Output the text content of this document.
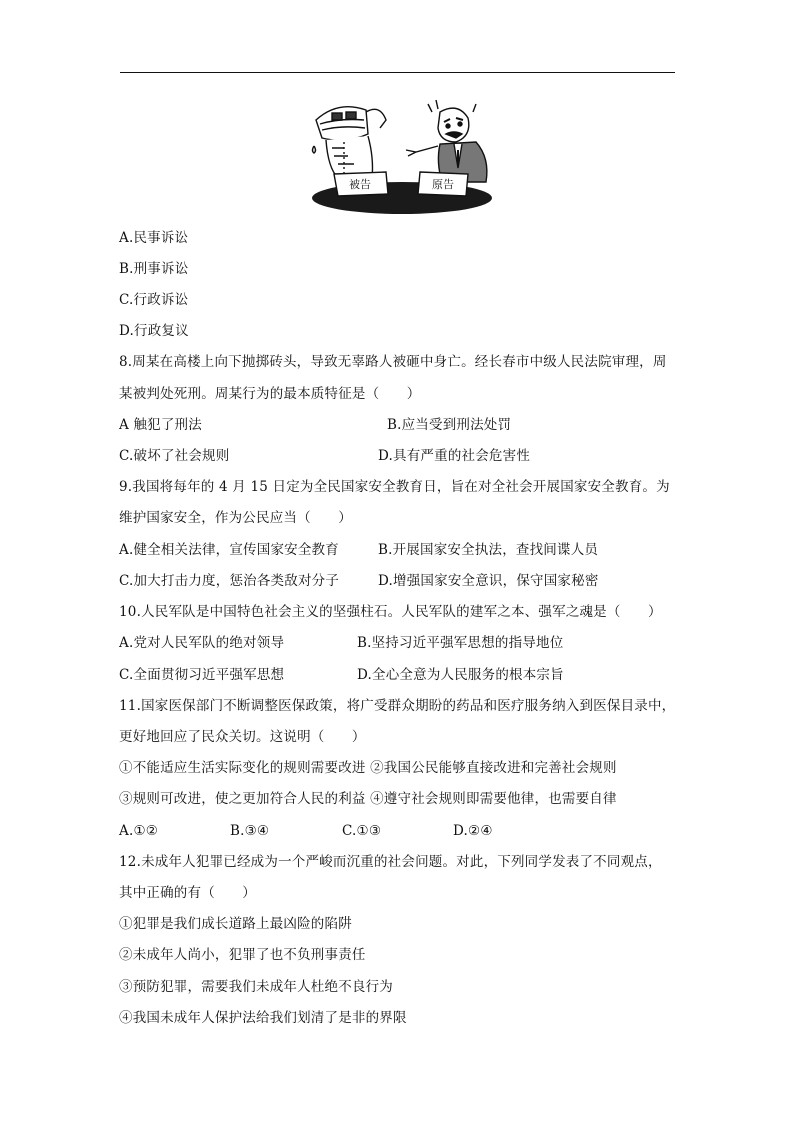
被告	原告
A.民事诉讼
B.刑事诉讼
C.行政诉讼
D.行政复议
8.周某在高楼上向下抛掷砖头，导致无辜路人被砸中身亡。经长春市中级人民法院审理，周
某被判处死刑。周某行为的最本质特征是（　　）
A 触犯了刑法	B.应当受到刑法处罚
C.破坏了社会规则	D.具有严重的社会危害性
9.我国将每年的 4 月 15 日定为全民国家安全教育日，旨在对全社会开展国家安全教育。为
维护国家安全，作为公民应当（　　）
A.健全相关法律，宣传国家安全教育	B.开展国家安全执法，查找间谍人员
C.加大打击力度，惩治各类敌对分子	D.增强国家安全意识，保守国家秘密
10.人民军队是中国特色社会主义的坚强柱石。人民军队的建军之本、强军之魂是（　　）
A.党对人民军队的绝对领导	B.坚持习近平强军思想的指导地位
C.全面贯彻习近平强军思想	D.全心全意为人民服务的根本宗旨
11.国家医保部门不断调整医保政策，将广受群众期盼的药品和医疗服务纳入到医保目录中，
更好地回应了民众关切。这说明（　　）
①不能适应生活实际变化的规则需要改进 ②我国公民能够直接改进和完善社会规则
③规则可改进，使之更加符合人民的利益 ④遵守社会规则即需要他律，也需要自律
A.①②	B.③④	C.①③	D.②④
12.未成年人犯罪已经成为一个严峻而沉重的社会问题。对此，下列同学发表了不同观点，
其中正确的有（　　）
①犯罪是我们成长道路上最凶险的陷阱
②未成年人尚小，犯罪了也不负刑事责任
③预防犯罪，需要我们未成年人杜绝不良行为
④我国未成年人保护法给我们划清了是非的界限
